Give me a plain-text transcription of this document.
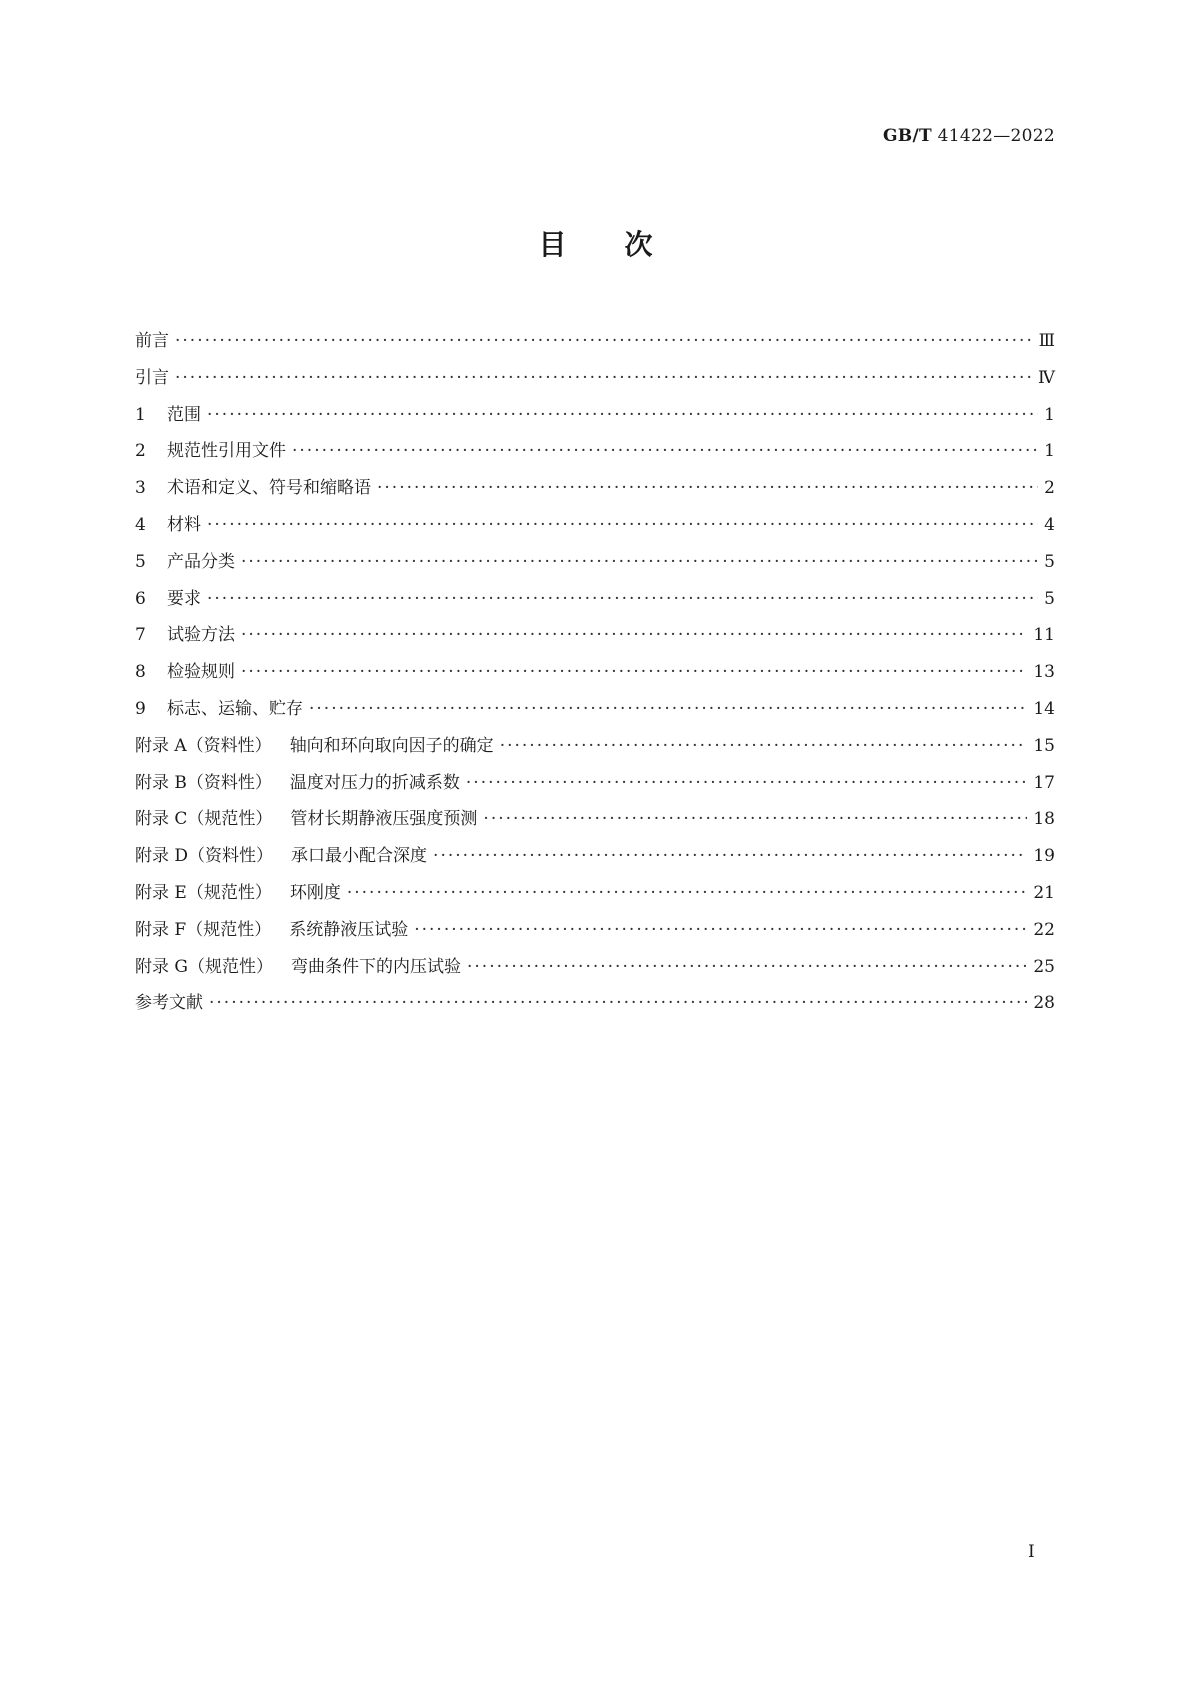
GB/T 41422—2022
目次
前言 ·····	Ⅲ
引言 ·····	Ⅳ
1	范围 ·····	1
2	规范性引用文件 ·····	1
3	术语和定义、符号和缩略语 ·····	2
4	材料 ·····	4
5	产品分类 ·····	5
6	要求 ·····	5
7	试验方法 ·····	11
8	检验规则 ·····	13
9	标志、运输、贮存 ·····	14
附录 A（资料性） 轴向和环向取向因子的确定 ·····	15
附录 B（资料性） 温度对压力的折减系数 ·····	17
附录 C（规范性） 管材长期静液压强度预测 ·····	18
附录 D（资料性） 承口最小配合深度 ·····	19
附录 E（规范性） 环刚度 ·····	21
附录 F（规范性） 系统静液压试验 ·····	22
附录 G（规范性） 弯曲条件下的内压试验 ·····	25
参考文献 ·····	28
I
